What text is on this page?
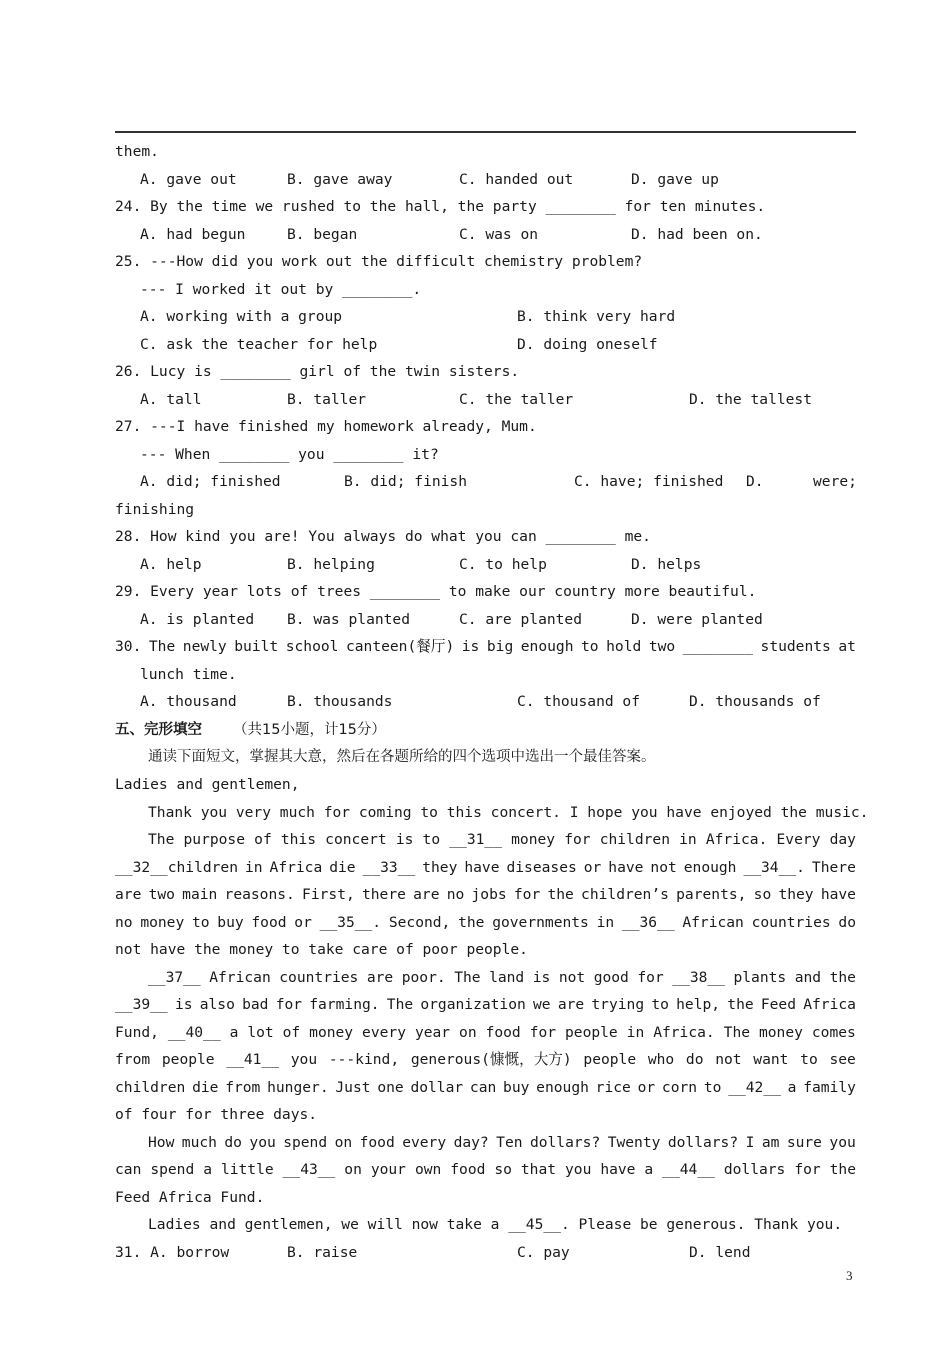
them.

A. gave out

	B. gave away

	C. handed out

	D. gave up

24. By the time we rushed to the hall, the party ________ for ten minutes.

A. had begun

	B. began

	C. was on

	D. had been on.

25. ---How did you work out the difficult chemistry problem?
--- I worked it out by ________.

A. working with a group

	B. think very hard

C. ask the teacher for help

	D. doing oneself

26. Lucy is ________ girl of the twin sisters.

A. tall

	B. taller

	C. the taller

	D. the tallest

27. ---I have finished my homework already, Mum.
--- When ________ you ________ it?

A. did; finished

	B. did; finish

	C. have; finished

D.

	were;

finishing
28. How kind you are! You always do what you can ________ me.

A. help

	B. helping

	C. to help

	D. helps

29. Every year lots of trees ________ to make our country more beautiful.

A. is planted

B. was planted

	C. are planted

	D. were planted

30. The newly built school canteen(餐厅) is big enough to hold two ________ students at
lunch time.

A. thousand

	B. thousands

	C. thousand of

	D. thousands of

五、完形填空

（共15小题，计15分）

通读下面短文，掌握其大意，然后在各题所给的四个选项中选出一个最佳答案。
Ladies and gentlemen,
Thank you very much for coming to this concert. I hope you have enjoyed the music.
The purpose of this concert is to __31__ money for children in Africa. Every day
__32__children in Africa die __33__ they have diseases or have not enough __34__. There
are two main reasons. First, there are no jobs for the children’s parents, so they have
no money to buy food or __35__. Second, the governments in __36__ African countries do
not have the money to take care of poor people.
__37__ African countries are poor. The land is not good for __38__ plants and the
__39__ is also bad for farming. The organization we are trying to help, the Feed Africa
Fund, __40__ a lot of money every year on food for people in Africa. The money comes
from people __41__ you ---kind, generous(慷慨，大方) people who do not want to see
children die from hunger. Just one dollar can buy enough rice or corn to __42__ a family
of four for three days.
How much do you spend on food every day? Ten dollars? Twenty dollars? I am sure you
can spend a little __43__ on your own food so that you have a __44__ dollars for the
Feed Africa Fund.
Ladies and gentlemen, we will now take a __45__. Please be generous. Thank you.

31. A. borrow

	B. raise

	C. pay

	D. lend

3
